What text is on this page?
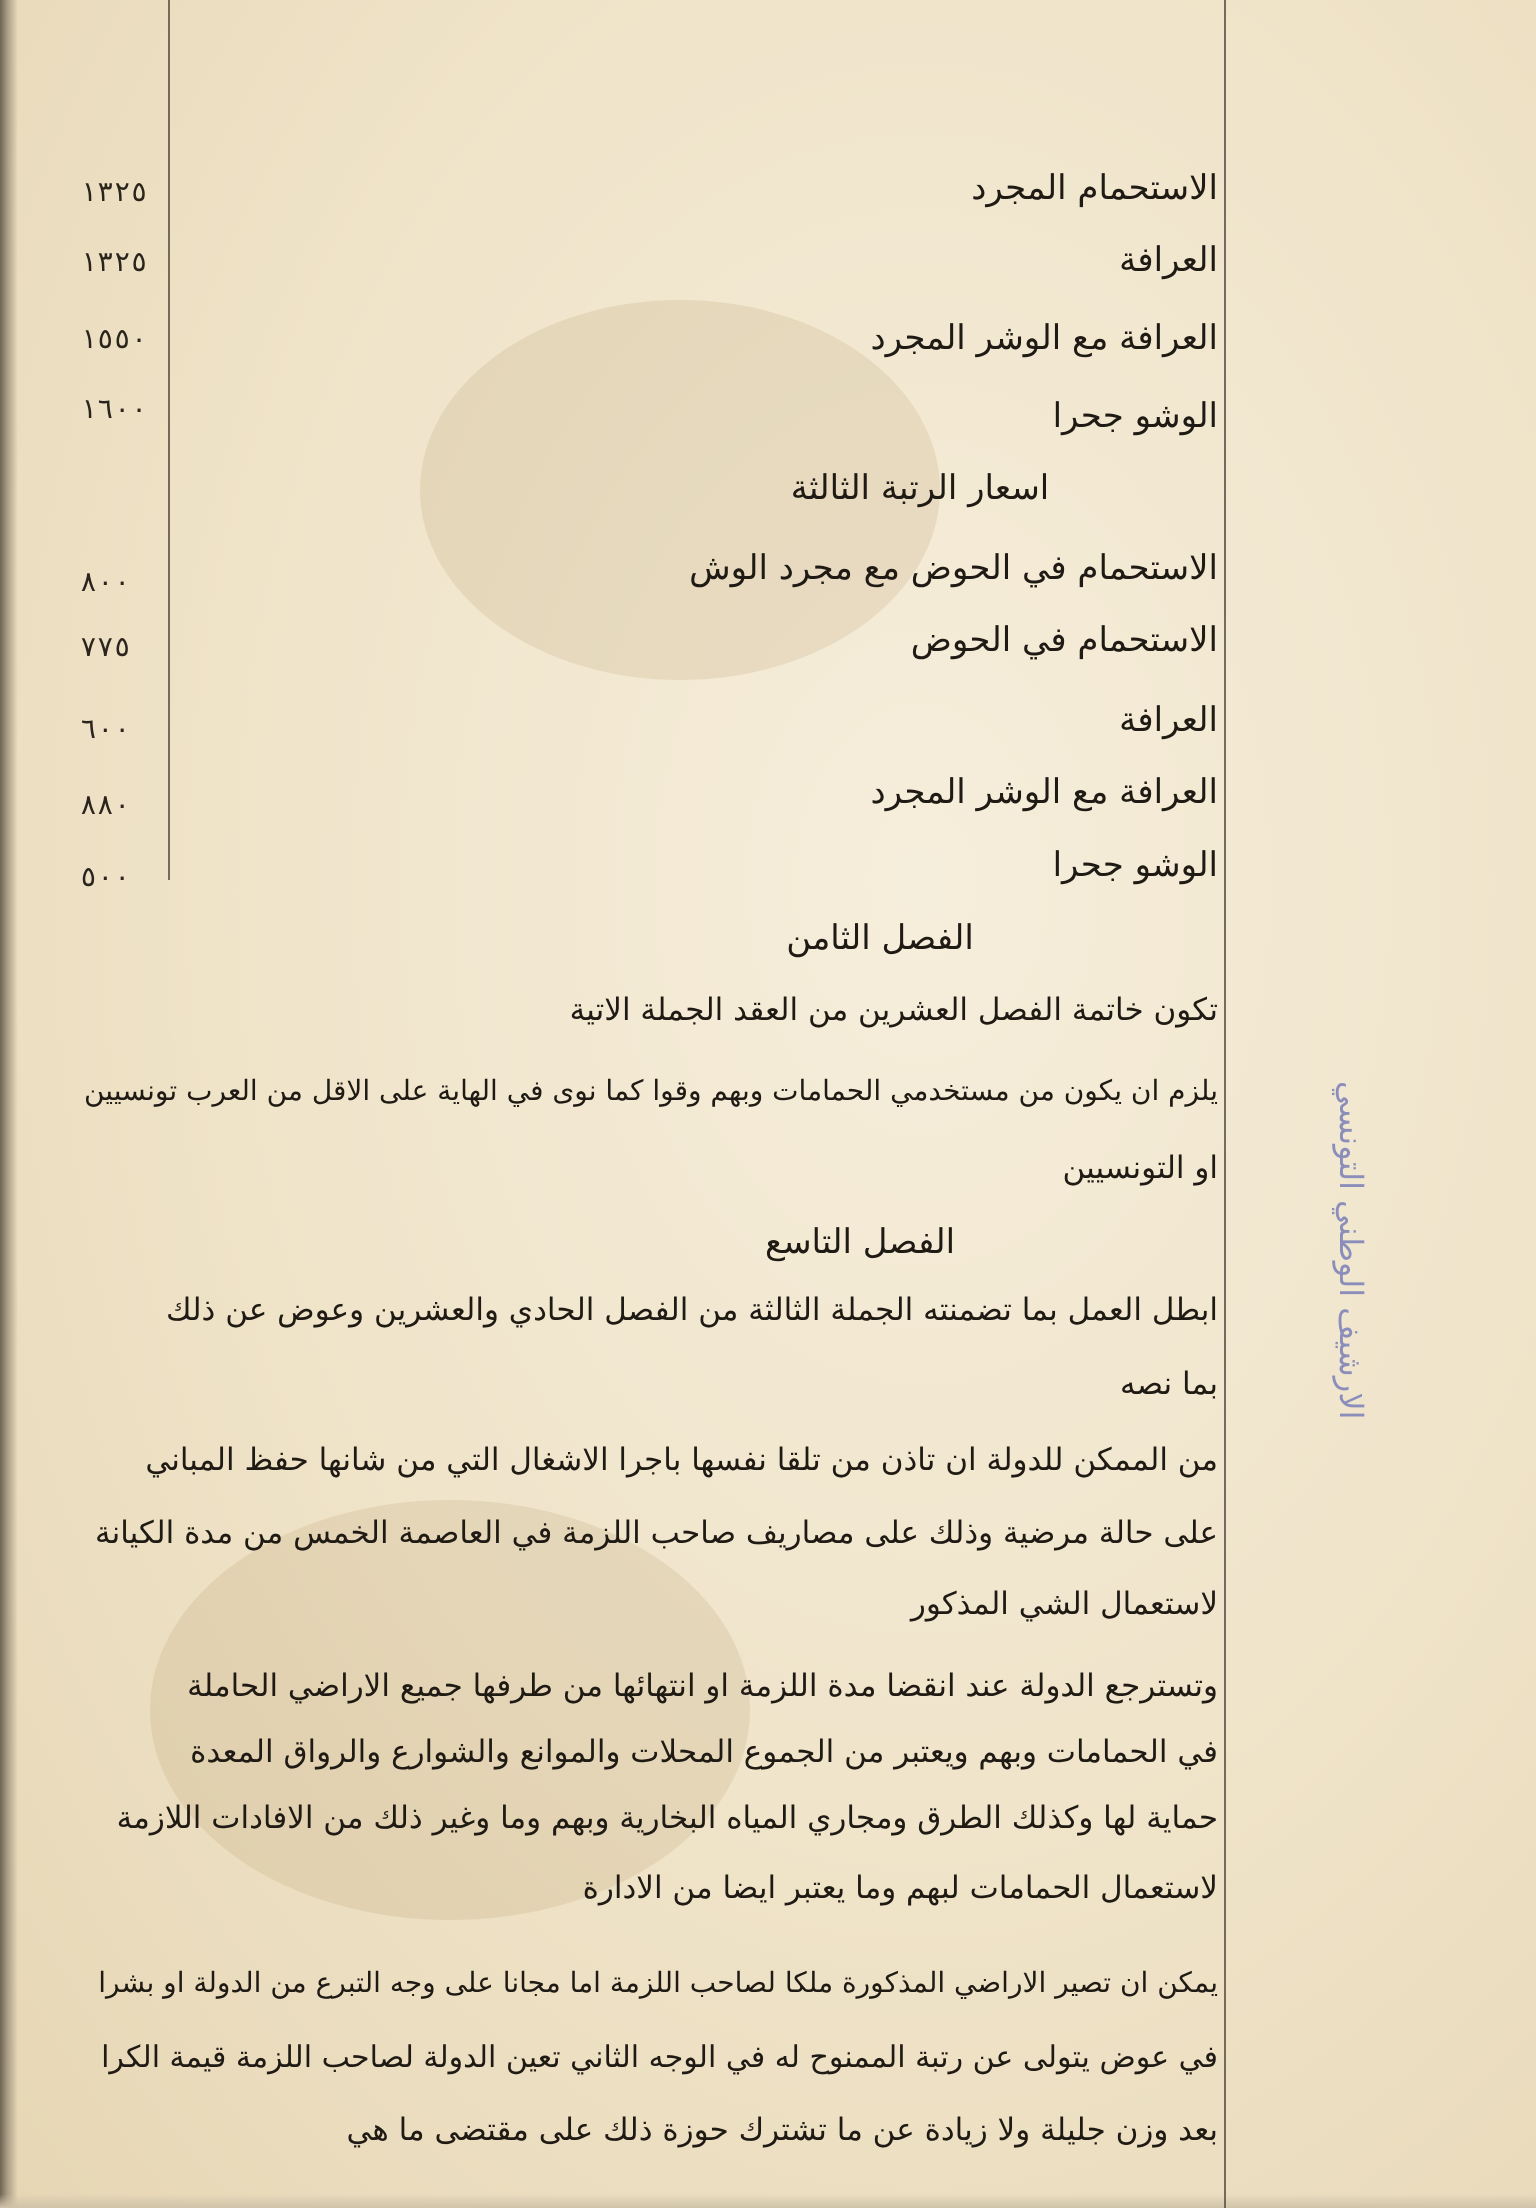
١٣٢٥	الاستحمام المجرد
١٣٢٥	العرافة
١٥٥٠	العرافة مع الوشر المجرد
١٦٠٠	الوشو جحرا
اسعار الرتبة الثالثة
٨٠٠	الاستحمام في الحوض مع مجرد الوش
٧٧٥	الاستحمام في الحوض
٦٠٠	العرافة
٨٨٠	العرافة مع الوشر المجرد
٥٠٠	الوشو جحرا
الفصل الثامن
تكون خاتمة الفصل العشرين من العقد الجملة الاتية
يلزم ان يكون من مستخدمي الحمامات وبهم وقوا كما نوى في الهاية على الاقل من العرب تونسيين
او التونسيين
الفصل التاسع
ابطل العمل بما تضمنته الجملة الثالثة من الفصل الحادي والعشرين وعوض عن ذلك
بما نصه
من الممكن للدولة ان تاذن من تلقا نفسها باجرا الاشغال التي من شانها حفظ المباني
على حالة مرضية وذلك على مصاريف صاحب اللزمة في العاصمة الخمس من مدة الكيانة
لاستعمال الشي المذكور
وتسترجع الدولة عند انقضا مدة اللزمة او انتهائها من طرفها جميع الاراضي الحاملة
في الحمامات وبهم ويعتبر من الجموع المحلات والموانع والشوارع والرواق المعدة
حماية لها وكذلك الطرق ومجاري المياه البخارية وبهم وما وغير ذلك من الافادات اللازمة
لاستعمال الحمامات لبهم وما يعتبر ايضا من الادارة
يمكن ان تصير الاراضي المذكورة ملكا لصاحب اللزمة اما مجانا على وجه التبرع من الدولة او بشرا
في عوض يتولى عن رتبة الممنوح له في الوجه الثاني تعين الدولة لصاحب اللزمة قيمة الكرا
بعد وزن جليلة ولا زيادة عن ما تشترك حوزة ذلك على مقتضى ما هي
الارشيف الوطني التونسي
